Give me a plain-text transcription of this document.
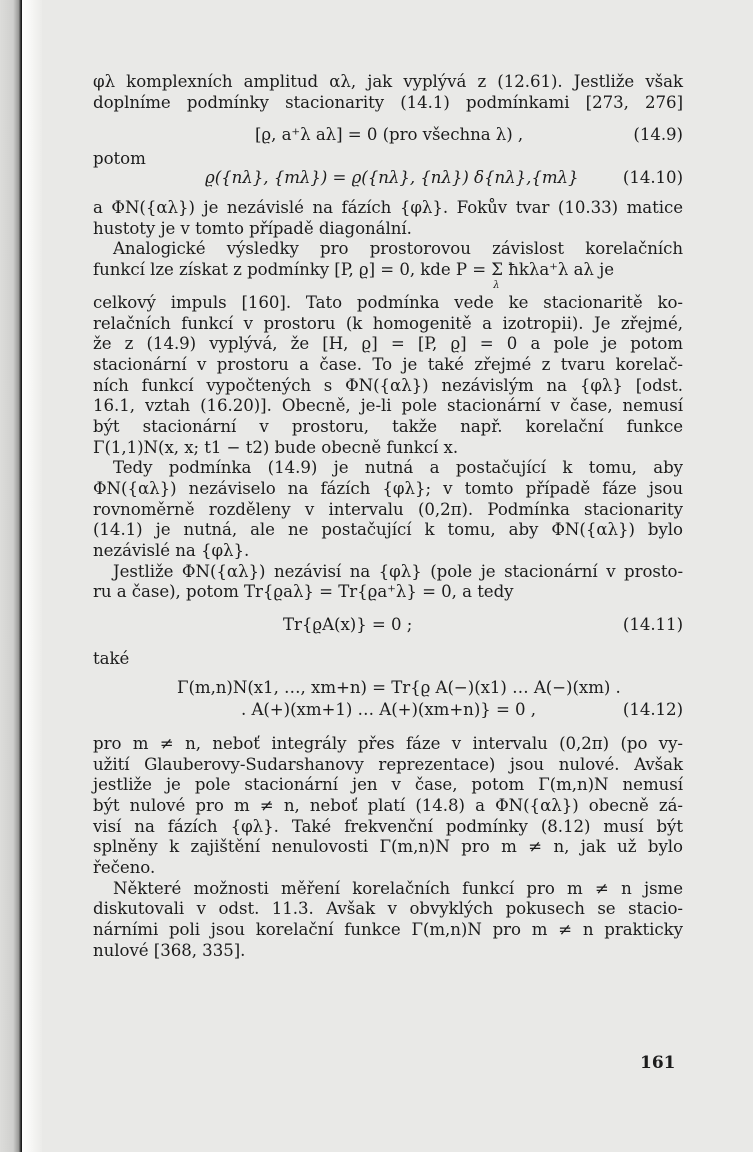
φλ komplexních amplitud αλ, jak vyplývá z (12.61). Jestliže však
doplníme podmínky stacionarity (14.1) podmínkami [273, 276]
[ϱ, a⁺λ aλ] = 0 (pro všechna λ) ,	(14.9)
potom
ϱ({nλ}, {mλ}) = ϱ({nλ}, {nλ}) δ{nλ},{mλ}	(14.10)
a ΦN({αλ}) je nezávislé na fázích {φλ}. Fokův tvar (10.33) matice
hustoty je v tomto případě diagonální.
Analogické výsledky pro prostorovou závislost korelačních
funkcí lze získat z podmínky [P, ϱ] = 0, kde P = Σ
λ
ħkλa⁺λ aλ je
celkový impuls [160]. Tato podmínka vede ke stacionaritě ko-
relačních funkcí v prostoru (k homogenitě a izotropii). Je zřejmé,
že z (14.9) vyplývá, že [H, ϱ] = [P, ϱ] = 0 a pole je potom
stacionární v prostoru a čase. To je také zřejmé z tvaru korelač-
ních funkcí vypočtených s ΦN({αλ}) nezávislým na {φλ} [odst.
16.1, vztah (16.20)]. Obecně, je-li pole stacionární v čase, nemusí
být stacionární v prostoru, takže např. korelační funkce
Γ(1,1)N(x, x; t1 − t2) bude obecně funkcí x.
Tedy podmínka (14.9) je nutná a postačující k tomu, aby
ΦN({αλ}) nezáviselo na fázích {φλ}; v tomto případě fáze jsou
rovnoměrně rozděleny v intervalu (0,2π). Podmínka stacionarity
(14.1) je nutná, ale ne postačující k tomu, aby ΦN({αλ}) bylo
nezávislé na {φλ}.
Jestliže ΦN({αλ}) nezávisí na {φλ} (pole je stacionární v prosto-
ru a čase), potom Tr{ϱaλ} = Tr{ϱa⁺λ} = 0, a tedy
Tr{ϱA(x)} = 0 ;	(14.11)
také
Γ(m,n)N(x1, …, xm+n) = Tr{ϱ A(−)(x1) … A(−)(xm) .
. A(+)(xm+1) … A(+)(xm+n)} = 0 ,	(14.12)
pro m ≠ n, neboť integrály přes fáze v intervalu (0,2π) (po vy-
užití Glauberovy-Sudarshanovy reprezentace) jsou nulové. Avšak
jestliže je pole stacionární jen v čase, potom Γ(m,n)N nemusí
být nulové pro m ≠ n, neboť platí (14.8) a ΦN({αλ}) obecně zá-
visí na fázích {φλ}. Také frekvenční podmínky (8.12) musí být
splněny k zajištění nenulovosti Γ(m,n)N pro m ≠ n, jak už bylo
řečeno.
Některé možnosti měření korelačních funkcí pro m ≠ n jsme
diskutovali v odst. 11.3. Avšak v obvyklých pokusech se stacio-
nárními poli jsou korelační funkce Γ(m,n)N pro m ≠ n prakticky
nulové [368, 335].
161
